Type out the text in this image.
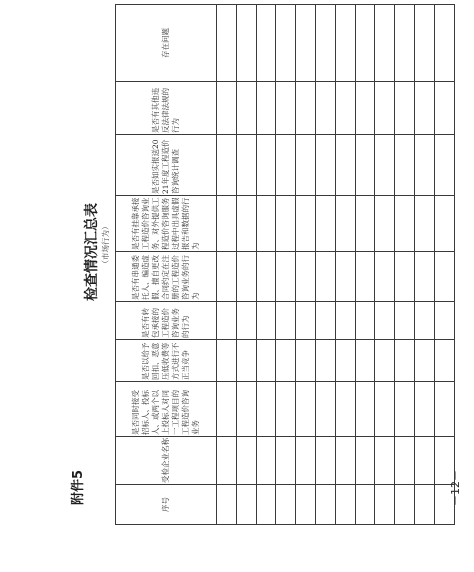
附件5
检查情况汇总表 （市场行为）
序号	受检企业名称	是否同时接受招标人、投标人、或两个以上投标人对同一工程项目的工程造价咨询业务	是否以给予回扣、恶意压低收费等方式进行不正当竞争	是否有转包承接的工程造价咨询业务的行为	是否有串通委托人、编造虚假、擅自更改合同约定在注册的工程造价咨询业务的行为	是否有挂靠承接工程造价咨询业务、对外提供工程造价咨询服务过程中出具虚假报告和数据的行为	是否如实报送2021年度工程造价咨询统计调查	是否有其他违反法律法规的行为	存在问题

－12－
